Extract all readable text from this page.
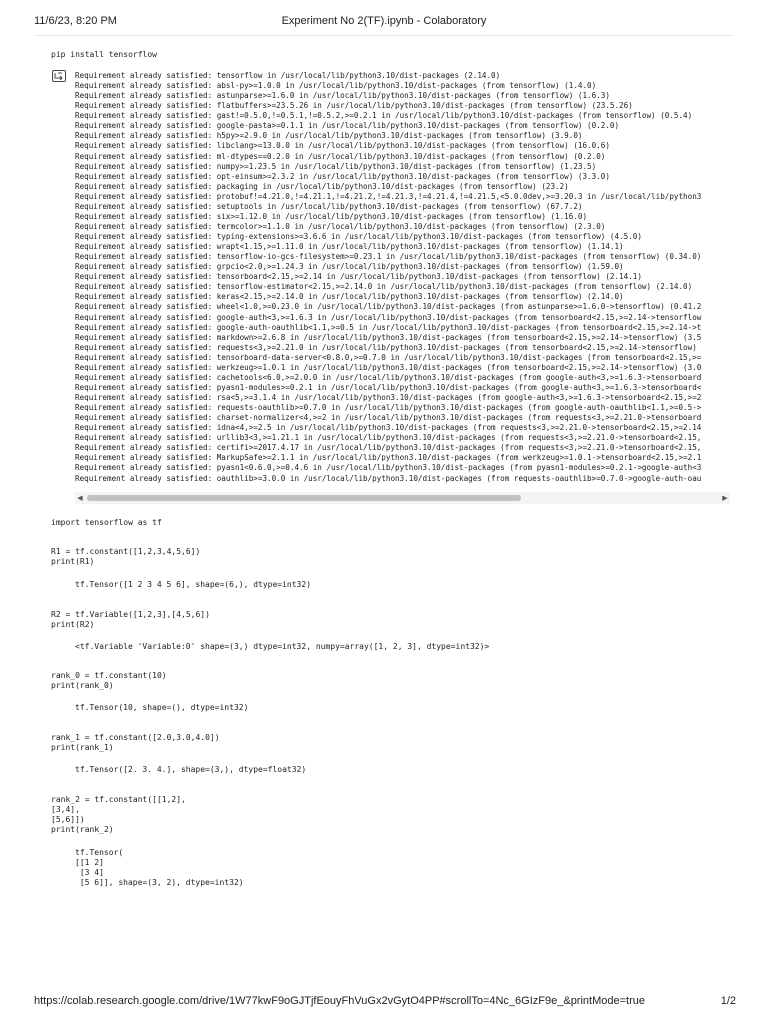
11/6/23, 8:20 PM	Experiment No 2(TF).ipynb - Colaboratory
pip install tensorflow
Requirement already satisfied: tensorflow in /usr/local/lib/python3.10/dist-packages (2.14.0)
Requirement already satisfied: absl-py>=1.0.0 in /usr/local/lib/python3.10/dist-packages (from tensorflow) (1.4.0)
Requirement already satisfied: astunparse>=1.6.0 in /usr/local/lib/python3.10/dist-packages (from tensorflow) (1.6.3)
Requirement already satisfied: flatbuffers>=23.5.26 in /usr/local/lib/python3.10/dist-packages (from tensorflow) (23.5.26)
Requirement already satisfied: gast!=0.5.0,!=0.5.1,!=0.5.2,>=0.2.1 in /usr/local/lib/python3.10/dist-packages (from tensorflow) (0.5.4)
Requirement already satisfied: google-pasta>=0.1.1 in /usr/local/lib/python3.10/dist-packages (from tensorflow) (0.2.0)
Requirement already satisfied: h5py>=2.9.0 in /usr/local/lib/python3.10/dist-packages (from tensorflow) (3.9.0)
Requirement already satisfied: libclang>=13.0.0 in /usr/local/lib/python3.10/dist-packages (from tensorflow) (16.0.6)
Requirement already satisfied: ml-dtypes==0.2.0 in /usr/local/lib/python3.10/dist-packages (from tensorflow) (0.2.0)
Requirement already satisfied: numpy>=1.23.5 in /usr/local/lib/python3.10/dist-packages (from tensorflow) (1.23.5)
Requirement already satisfied: opt-einsum>=2.3.2 in /usr/local/lib/python3.10/dist-packages (from tensorflow) (3.3.0)
Requirement already satisfied: packaging in /usr/local/lib/python3.10/dist-packages (from tensorflow) (23.2)
Requirement already satisfied: protobuf!=4.21.0,!=4.21.1,!=4.21.2,!=4.21.3,!=4.21.4,!=4.21.5,<5.0.0dev,>=3.20.3 in /usr/local/lib/python3
Requirement already satisfied: setuptools in /usr/local/lib/python3.10/dist-packages (from tensorflow) (67.7.2)
Requirement already satisfied: six>=1.12.0 in /usr/local/lib/python3.10/dist-packages (from tensorflow) (1.16.0)
Requirement already satisfied: termcolor>=1.1.0 in /usr/local/lib/python3.10/dist-packages (from tensorflow) (2.3.0)
Requirement already satisfied: typing-extensions>=3.6.6 in /usr/local/lib/python3.10/dist-packages (from tensorflow) (4.5.0)
Requirement already satisfied: wrapt<1.15,>=1.11.0 in /usr/local/lib/python3.10/dist-packages (from tensorflow) (1.14.1)
Requirement already satisfied: tensorflow-io-gcs-filesystem>=0.23.1 in /usr/local/lib/python3.10/dist-packages (from tensorflow) (0.34.0)
Requirement already satisfied: grpcio<2.0,>=1.24.3 in /usr/local/lib/python3.10/dist-packages (from tensorflow) (1.59.0)
Requirement already satisfied: tensorboard<2.15,>=2.14 in /usr/local/lib/python3.10/dist-packages (from tensorflow) (2.14.1)
Requirement already satisfied: tensorflow-estimator<2.15,>=2.14.0 in /usr/local/lib/python3.10/dist-packages (from tensorflow) (2.14.0)
Requirement already satisfied: keras<2.15,>=2.14.0 in /usr/local/lib/python3.10/dist-packages (from tensorflow) (2.14.0)
Requirement already satisfied: wheel<1.0,>=0.23.0 in /usr/local/lib/python3.10/dist-packages (from astunparse>=1.6.0->tensorflow) (0.41.2
Requirement already satisfied: google-auth<3,>=1.6.3 in /usr/local/lib/python3.10/dist-packages (from tensorboard<2.15,>=2.14->tensorflow
Requirement already satisfied: google-auth-oauthlib<1.1,>=0.5 in /usr/local/lib/python3.10/dist-packages (from tensorboard<2.15,>=2.14->t
Requirement already satisfied: markdown>=2.6.8 in /usr/local/lib/python3.10/dist-packages (from tensorboard<2.15,>=2.14->tensorflow) (3.5
Requirement already satisfied: requests<3,>=2.21.0 in /usr/local/lib/python3.10/dist-packages (from tensorboard<2.15,>=2.14->tensorflow)
Requirement already satisfied: tensorboard-data-server<0.8.0,>=0.7.0 in /usr/local/lib/python3.10/dist-packages (from tensorboard<2.15,>=
Requirement already satisfied: werkzeug>=1.0.1 in /usr/local/lib/python3.10/dist-packages (from tensorboard<2.15,>=2.14->tensorflow) (3.0
Requirement already satisfied: cachetools<6.0,>=2.0.0 in /usr/local/lib/python3.10/dist-packages (from google-auth<3,>=1.6.3->tensorboard
Requirement already satisfied: pyasn1-modules>=0.2.1 in /usr/local/lib/python3.10/dist-packages (from google-auth<3,>=1.6.3->tensorboard<
Requirement already satisfied: rsa<5,>=3.1.4 in /usr/local/lib/python3.10/dist-packages (from google-auth<3,>=1.6.3->tensorboard<2.15,>=2
Requirement already satisfied: requests-oauthlib>=0.7.0 in /usr/local/lib/python3.10/dist-packages (from google-auth-oauthlib<1.1,>=0.5->
Requirement already satisfied: charset-normalizer<4,>=2 in /usr/local/lib/python3.10/dist-packages (from requests<3,>=2.21.0->tensorboard
Requirement already satisfied: idna<4,>=2.5 in /usr/local/lib/python3.10/dist-packages (from requests<3,>=2.21.0->tensorboard<2.15,>=2.14
Requirement already satisfied: urllib3<3,>=1.21.1 in /usr/local/lib/python3.10/dist-packages (from requests<3,>=2.21.0->tensorboard<2.15,
Requirement already satisfied: certifi>=2017.4.17 in /usr/local/lib/python3.10/dist-packages (from requests<3,>=2.21.0->tensorboard<2.15,
Requirement already satisfied: MarkupSafe>=2.1.1 in /usr/local/lib/python3.10/dist-packages (from werkzeug>=1.0.1->tensorboard<2.15,>=2.1
Requirement already satisfied: pyasn1<0.6.0,>=0.4.6 in /usr/local/lib/python3.10/dist-packages (from pyasn1-modules>=0.2.1->google-auth<3
Requirement already satisfied: oauthlib>=3.0.0 in /usr/local/lib/python3.10/dist-packages (from requests-oauthlib>=0.7.0->google-auth-oau

◀	▶
import tensorflow as tf
R1 = tf.constant([1,2,3,4,5,6])
print(R1)
tf.Tensor([1 2 3 4 5 6], shape=(6,), dtype=int32)
R2 = tf.Variable([1,2,3],[4,5,6])
print(R2)
<tf.Variable 'Variable:0' shape=(3,) dtype=int32, numpy=array([1, 2, 3], dtype=int32)>
rank_0 = tf.constant(10)
print(rank_0)
tf.Tensor(10, shape=(), dtype=int32)
rank_1 = tf.constant([2.0,3.0,4.0])
print(rank_1)
tf.Tensor([2. 3. 4.], shape=(3,), dtype=float32)
rank_2 = tf.constant([[1,2],
[3,4],
[5,6]])
print(rank_2)
tf.Tensor(
[[1 2]
[3 4]
[5 6]], shape=(3, 2), dtype=int32)
https://colab.research.google.com/drive/1W77kwF9oGJTjfEouyFhVuGx2vGytO4PP#scrollTo=4Nc_6GIzF9e_&printMode=true	1/2
